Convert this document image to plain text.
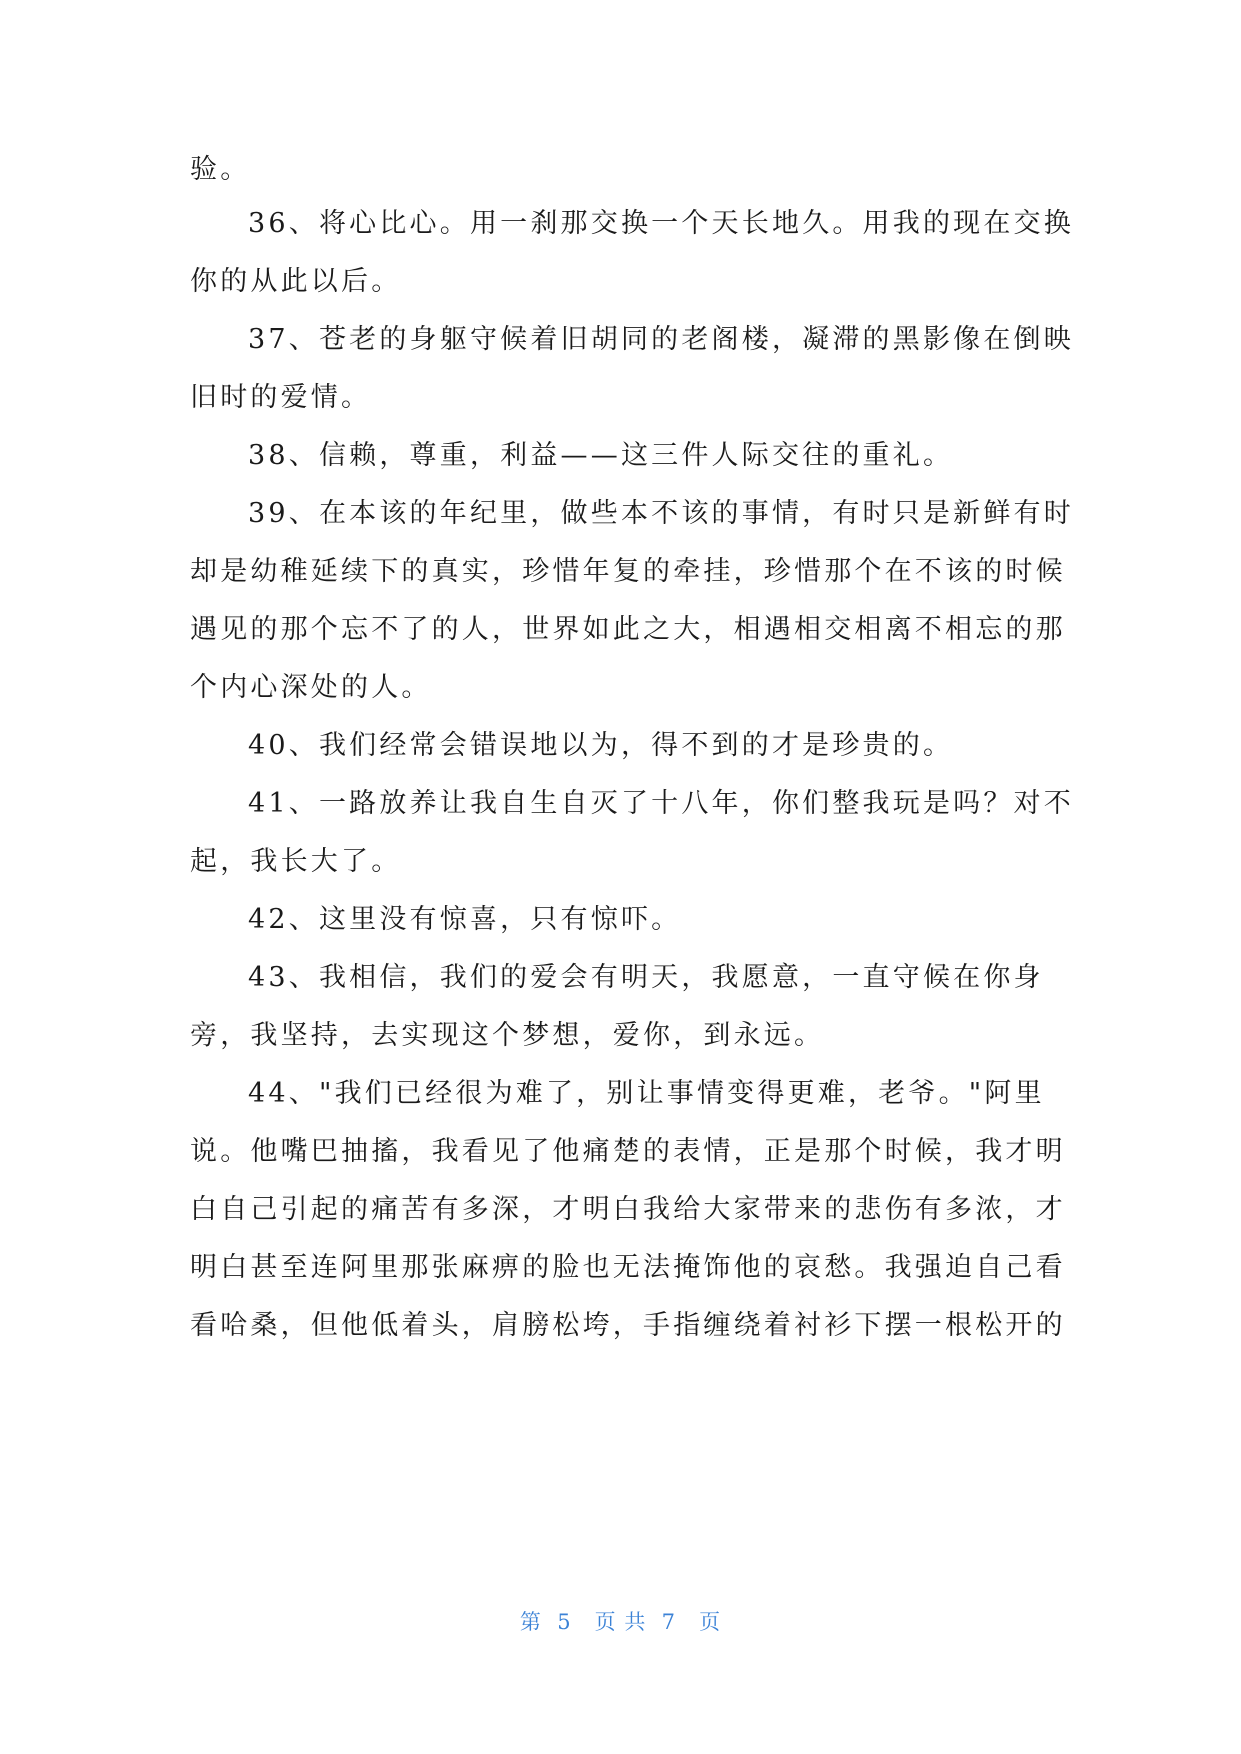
验。
36、将心比心。用一刹那交换一个天长地久。用我的现在交换
你的从此以后。
37、苍老的身躯守候着旧胡同的老阁楼，凝滞的黑影像在倒映
旧时的爱情。
38、信赖，尊重，利益——这三件人际交往的重礼。
39、在本该的年纪里，做些本不该的事情，有时只是新鲜有时
却是幼稚延续下的真实，珍惜年复的牵挂，珍惜那个在不该的时候
遇见的那个忘不了的人，世界如此之大，相遇相交相离不相忘的那
个内心深处的人。
40、我们经常会错误地以为，得不到的才是珍贵的。
41、一路放养让我自生自灭了十八年，你们整我玩是吗？对不
起，我长大了。
42、这里没有惊喜，只有惊吓。
43、我相信，我们的爱会有明天，我愿意，一直守候在你身
旁，我坚持，去实现这个梦想，爱你，到永远。
44、"我们已经很为难了，别让事情变得更难，老爷。"阿里
说。他嘴巴抽搐，我看见了他痛楚的表情，正是那个时候，我才明
白自己引起的痛苦有多深，才明白我给大家带来的悲伤有多浓，才
明白甚至连阿里那张麻痹的脸也无法掩饰他的哀愁。我强迫自己看
看哈桑，但他低着头，肩膀松垮，手指缠绕着衬衫下摆一根松开的
第  5   页 共  7   页
